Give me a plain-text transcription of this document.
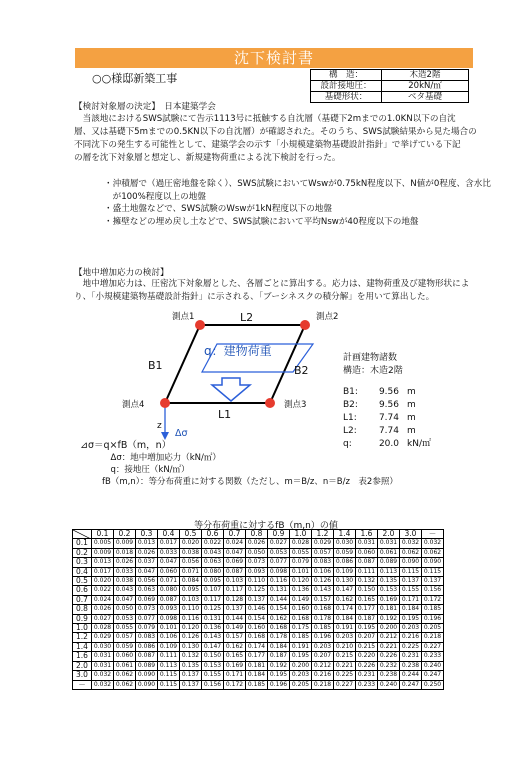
沈下検討書
○○様邸新築工事	構　造：	木造2階
設計接地圧：	20kN/㎡
基礎形状：	ベタ基礎
【検討対象層の決定】　日本建築学会
　当該地におけるSWS試験にて告示1113号に抵触する自沈層（基礎下2mまでの1.0KN以下の自沈
層、又は基礎下5mまでの0.5KN以下の自沈層）が確認された。そのうち、SWS試験結果から見た場合の
不同沈下の発生する可能性として、建築学会の示す「小規模建築物基礎設計指針」で挙げている下記
の層を沈下対象層と想定し、新規建物荷重による沈下検討を行った。
・沖積層で（過圧密地盤を除く）、SWS試験においてWswが0.75kN程度以下、N値が0程度、含水比
　が100%程度以上の地盤
・盛土地盤などで、SWS試験のWswが1kN程度以下の地盤
・擁壁などの埋め戻し土などで、SWS試験において平均Nswが40程度以下の地盤
【地中増加応力の検討】
　地中増加応力は、圧密沈下対象層とした、各層ごとに算出する。応力は、建物荷重及び建物形状によ
り、「小規模建築物基礎設計指針」に示される、「ブーシネスクの積分解」を用いて算出した。
測点1	測点2
測点3
測点4
L2
L1
B1	B2
q：建物荷重
z
Δσ
計画建物諸数
構造：木造2階
B1:	9.56 m
B2:	9.56 m
L1:	7.74 m
L2:	7.74 m
q:	20.0 kN/㎡
⊿σ＝q×fB（m，n）
　Δσ：地中増加応力（kN/㎡）
　q：接地圧（kN/㎡）
fB（m,n）：等分布荷重に対する関数（ただし、m＝B/z、n＝B/z　表2参照）
等分布荷重に対するfB（m,n）の値
	0.1	0.2	0.3	0.4	0.5	0.6	0.7	0.8	0.9	1.0	1.2	1.4	1.6	2.0	3.0	－
0.1	0.005	0.009	0.013	0.017	0.020	0.022	0.024	0.026	0.027	0.028	0.029	0.030	0.031	0.031	0.032	0.032
0.2	0.009	0.018	0.026	0.033	0.038	0.043	0.047	0.050	0.053	0.055	0.057	0.059	0.060	0.061	0.062	0.062
0.3	0.013	0.026	0.037	0.047	0.056	0.063	0.069	0.073	0.077	0.079	0.083	0.086	0.087	0.089	0.090	0.090
0.4	0.017	0.033	0.047	0.060	0.071	0.080	0.087	0.093	0.098	0.101	0.106	0.109	0.111	0.113	0.115	0.115
0.5	0.020	0.038	0.056	0.071	0.084	0.095	0.103	0.110	0.116	0.120	0.126	0.130	0.132	0.135	0.137	0.137
0.6	0.022	0.043	0.063	0.080	0.095	0.107	0.117	0.125	0.131	0.136	0.143	0.147	0.150	0.153	0.155	0.156
0.7	0.024	0.047	0.069	0.087	0.103	0.117	0.128	0.137	0.144	0.149	0.157	0.162	0.165	0.169	0.171	0.172
0.8	0.026	0.050	0.073	0.093	0.110	0.125	0.137	0.146	0.154	0.160	0.168	0.174	0.177	0.181	0.184	0.185
0.9	0.027	0.053	0.077	0.098	0.116	0.131	0.144	0.154	0.162	0.168	0.178	0.184	0.187	0.192	0.195	0.196
1.0	0.028	0.055	0.079	0.101	0.120	0.136	0.149	0.160	0.168	0.175	0.185	0.191	0.195	0.200	0.203	0.205
1.2	0.029	0.057	0.083	0.106	0.126	0.143	0.157	0.168	0.178	0.185	0.196	0.203	0.207	0.212	0.216	0.218
1.4	0.030	0.059	0.086	0.109	0.130	0.147	0.162	0.174	0.184	0.191	0.203	0.210	0.215	0.221	0.225	0.227
1.6	0.031	0.060	0.087	0.111	0.132	0.150	0.165	0.177	0.187	0.195	0.207	0.215	0.220	0.226	0.231	0.233
2.0	0.031	0.061	0.089	0.113	0.135	0.153	0.169	0.181	0.192	0.200	0.212	0.221	0.226	0.232	0.238	0.240
3.0	0.032	0.062	0.090	0.115	0.137	0.155	0.171	0.184	0.195	0.203	0.216	0.225	0.231	0.238	0.244	0.247
－	0.032	0.062	0.090	0.115	0.137	0.156	0.172	0.185	0.196	0.205	0.218	0.227	0.233	0.240	0.247	0.250
